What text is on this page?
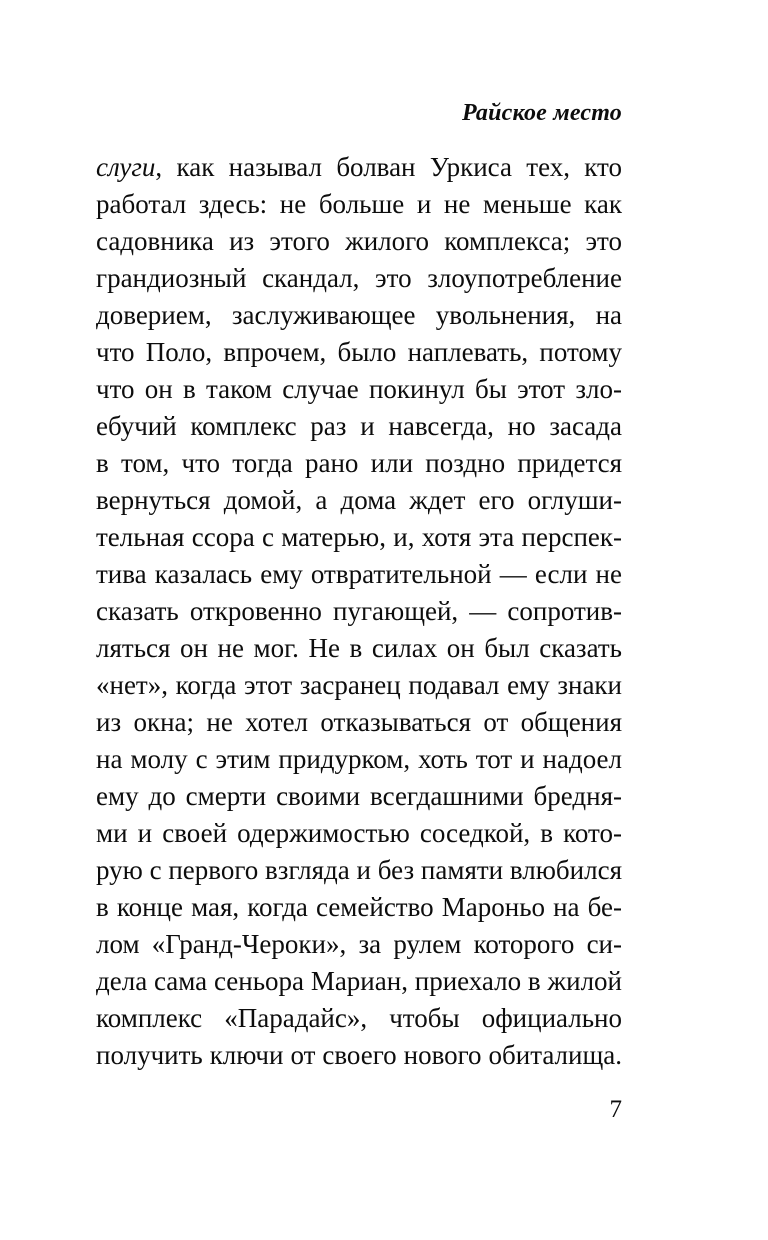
Райское место
слуги, как называл болван Уркиса тех, кто
работал здесь: не больше и не меньше как
садовника из этого жилого комплекса; это
грандиозный скандал, это злоупотребление
доверием, заслуживающее увольнения, на
что Поло, впрочем, было наплевать, потому
что он в таком случае покинул бы этот зло-
ебучий комплекс раз и навсегда, но засада
в том, что тогда рано или поздно придется
вернуться домой, а дома ждет его оглуши-
тельная ссора с матерью, и, хотя эта перспек-
тива казалась ему отвратительной — если не
сказать откровенно пугающей, — сопротив-
ляться он не мог. Не в силах он был сказать
«нет», когда этот засранец подавал ему знаки
из окна; не хотел отказываться от общения
на молу с этим придурком, хоть тот и надоел
ему до смерти своими всегдашними бредня-
ми и своей одержимостью соседкой, в кото-
рую с первого взгляда и без памяти влюбился
в конце мая, когда семейство Мароньо на бе-
лом «Гранд-Чероки», за рулем которого си-
дела сама сеньора Мариан, приехало в жилой
комплекс «Парадайс», чтобы официально
получить ключи от своего нового обиталища.
7
